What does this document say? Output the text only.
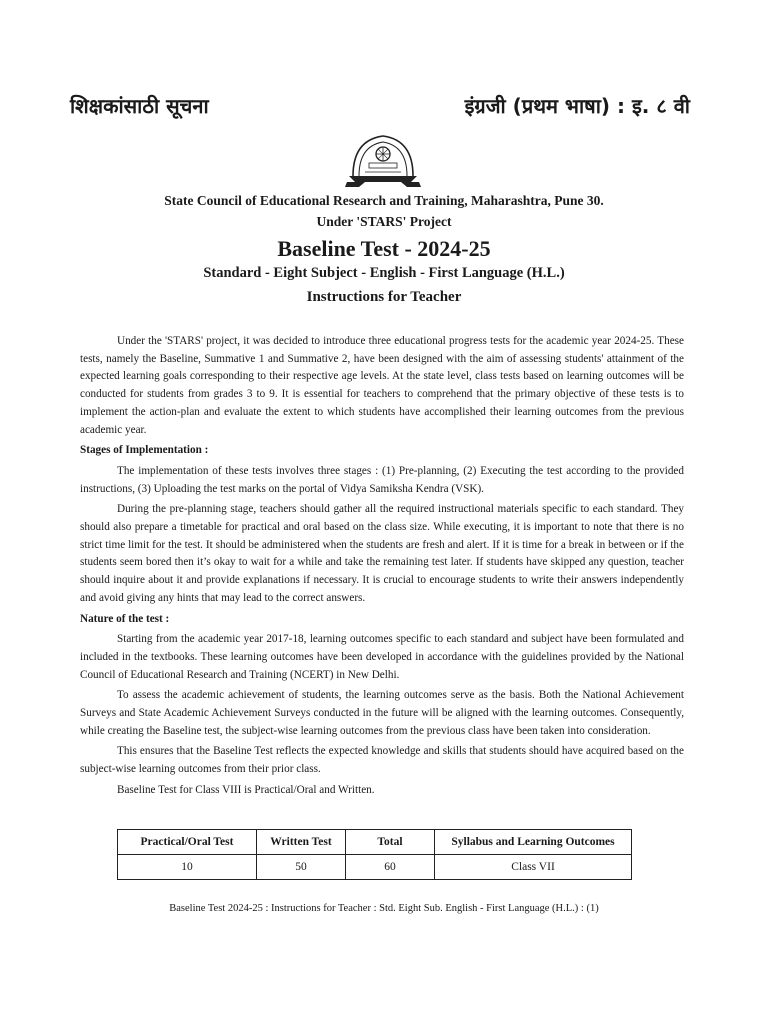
शिक्षकांसाठी सूचना	इंग्रजी (प्रथम भाषा) : इ. ८ वी
State Council of Educational Research and Training, Maharashtra, Pune 30.
Under 'STARS' Project
Baseline Test - 2024-25
Standard - Eight Subject - English - First Language (H.L.)
Instructions for Teacher

Under the 'STARS' project, it was decided to introduce three educational progress tests for the academic year 2024-25. These tests, namely the Baseline, Summative 1 and Summative 2, have been designed with the aim of assessing students' attainment of the expected learning goals corresponding to their respective age levels. At the state level, class tests based on learning outcomes will be conducted for students from grades 3 to 9. It is essential for teachers to comprehend that the primary objective of these tests is to implement the action-plan and evaluate the extent to which students have accomplished their learning outcomes from the previous academic year.

Stages of Implementation :

The implementation of these tests involves three stages : (1) Pre-planning, (2) Executing the test according to the provided instructions, (3) Uploading the test marks on the portal of Vidya Samiksha Kendra (VSK).

During the pre-planning stage, teachers should gather all the required instructional materials specific to each standard. They should also prepare a timetable for practical and oral based on the class size. While executing, it is important to note that there is no strict time limit for the test. It should be administered when the students are fresh and alert. If it is time for a break in between or if the students seem bored then it’s okay to wait for a while and take the remaining test later. If students have skipped any question, teacher should inquire about it and provide explanations if necessary. It is crucial to encourage students to write their answers independently and avoid giving any hints that may lead to the correct answers.

Nature of the test :

Starting from the academic year 2017-18, learning outcomes specific to each standard and subject have been formulated and included in the textbooks. These learning outcomes have been developed in accordance with the guidelines provided by the National Council of Educational Research and Training (NCERT) in New Delhi.

To assess the academic achievement of students, the learning outcomes serve as the basis. Both the National Achievement Surveys and State Academic Achievement Surveys conducted in the future will be aligned with the learning outcomes. Consequently, while creating the Baseline test, the subject-wise learning outcomes from the previous class have been taken into consideration.

This ensures that the Baseline Test reflects the expected knowledge and skills that students should have acquired based on the subject-wise learning outcomes from their prior class.

Baseline Test for Class VIII is Practical/Oral and Written.

Practical/Oral Test	Written Test	Total	Syllabus and Learning Outcomes
10	50	60	Class VII
Baseline Test 2024-25 : Instructions for Teacher : Std. Eight Sub. English - First Language (H.L.) : (1)
